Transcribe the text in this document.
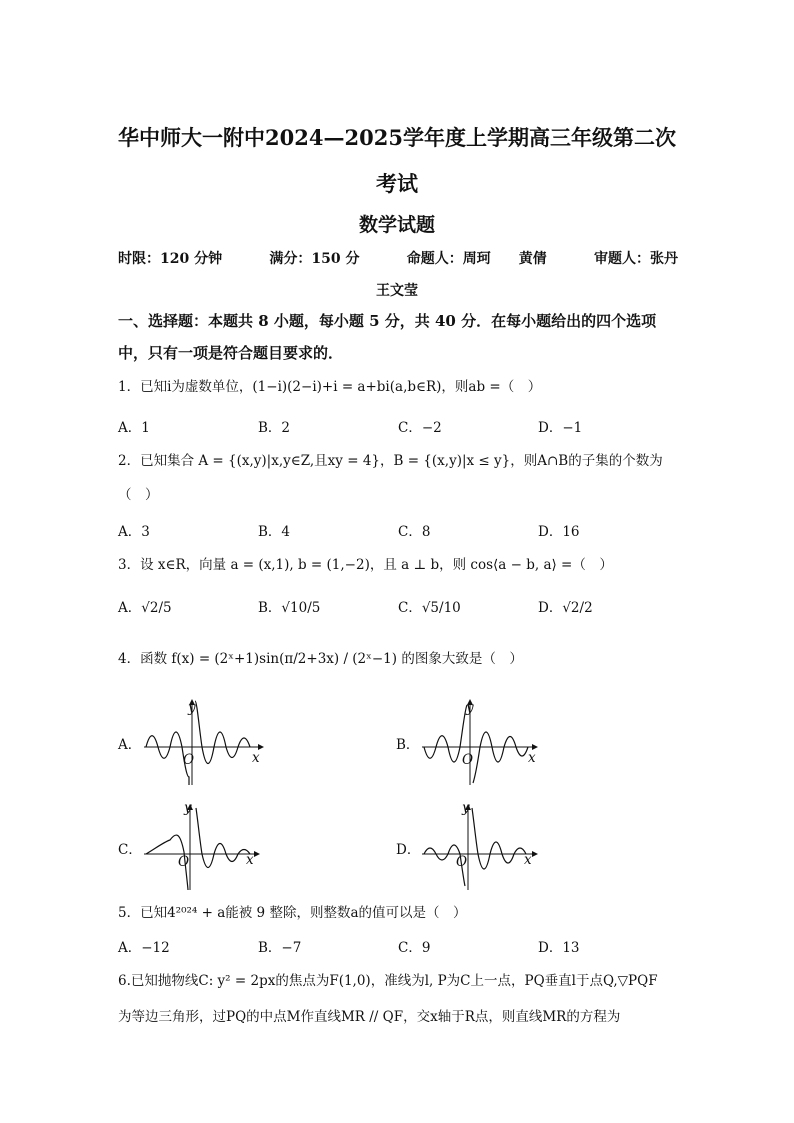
华中师大一附中2024—2025学年度上学期高三年级第二次
考试
数学试题
时限：120 分钟	满分：150 分	命题人：周珂　　黄倩	审题人：张丹
王文莹
一、选择题：本题共 8 小题，每小题 5 分，共 40 分．在每小题给出的四个选项
中，只有一项是符合题目要求的．
1．已知i为虚数单位，(1−i)(2−i)+i = a+bi(a,b∈R)，则ab =（　）
A．1	B．2	C．−2	D．−1
2．已知集合 A = {(x,y)|x,y∈Z,且xy = 4}，B = {(x,y)|x ≤ y}，则A∩B的子集的个数为
（　）
A．3	B．4	C．8	D．16
3．设 x∈R，向量 a = (x,1), b = (1,−2)，且 a ⊥ b，则 cos⟨a − b, a⟩ =（　）
A．√2/5	B．√10/5	C．√5/10	D．√2/2
4．函数 f(x) = (2ˣ+1)sin(π/2+3x) / (2ˣ−1) 的图象大致是（　）
A．
y
x
O
B．
y
x
O
C．
y
x
O
D．
y
x
O
5．已知4²⁰²⁴ + a能被 9 整除，则整数a的值可以是（　）
A．−12	B．−7	C．9	D．13
6.已知抛物线C: y² = 2px的焦点为F(1,0)，准线为l, P为C上一点，PQ垂直l于点Q,▽PQF
为等边三角形，过PQ的中点M作直线MR // QF，交x轴于R点，则直线MR的方程为
